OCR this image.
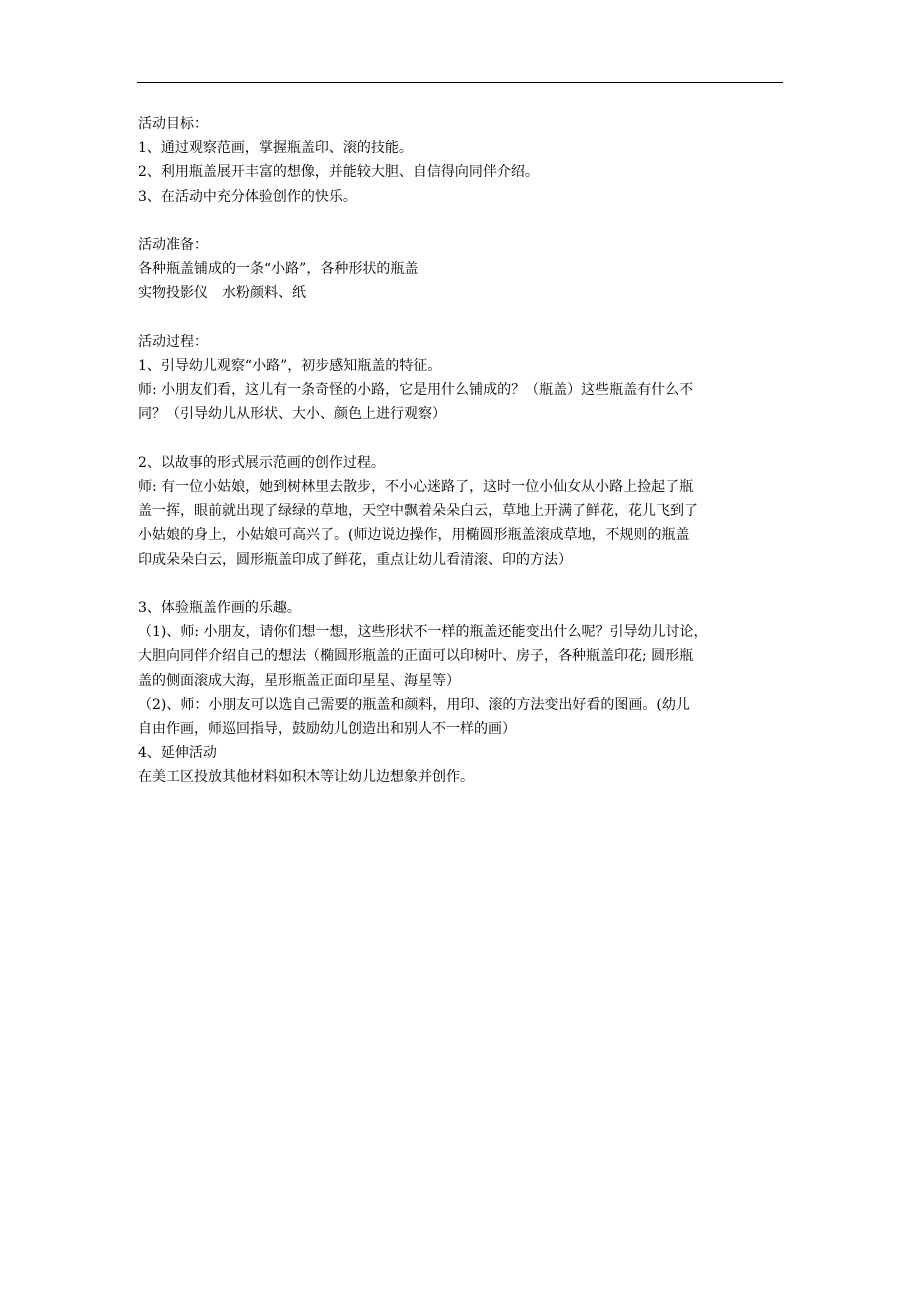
活动目标：
1、通过观察范画，掌握瓶盖印、滚的技能。
2、利用瓶盖展开丰富的想像，并能较大胆、自信得向同伴介绍。
3、在活动中充分体验创作的快乐。
活动准备：
各种瓶盖铺成的一条“小路”，各种形状的瓶盖
实物投影仪　水粉颜料、纸
活动过程：
1、引导幼儿观察“小路”，初步感知瓶盖的特征。
师: 小朋友们看，这儿有一条奇怪的小路，它是用什么铺成的？（瓶盖）这些瓶盖有什么不
同？（引导幼儿从形状、大小、颜色上进行观察）
2、以故事的形式展示范画的创作过程。
师: 有一位小姑娘，她到树林里去散步，不小心迷路了，这时一位小仙女从小路上捡起了瓶
盖一挥，眼前就出现了绿绿的草地，天空中飘着朵朵白云，草地上开满了鲜花，花儿飞到了
小姑娘的身上，小姑娘可高兴了。(师边说边操作，用椭圆形瓶盖滚成草地，不规则的瓶盖
印成朵朵白云，圆形瓶盖印成了鲜花，重点让幼儿看清滚、印的方法）
3、体验瓶盖作画的乐趣。
（1)、师: 小朋友，请你们想一想，这些形状不一样的瓶盖还能变出什么呢？引导幼儿讨论，
大胆向同伴介绍自己的想法（椭圆形瓶盖的正面可以印树叶、房子，各种瓶盖印花; 圆形瓶
盖的侧面滚成大海，星形瓶盖正面印星星、海星等）
（2)、师：小朋友可以选自己需要的瓶盖和颜料，用印、滚的方法变出好看的图画。(幼儿
自由作画，师巡回指导，鼓励幼儿创造出和别人不一样的画）
4、延伸活动
在美工区投放其他材料如积木等让幼儿边想象并创作。
